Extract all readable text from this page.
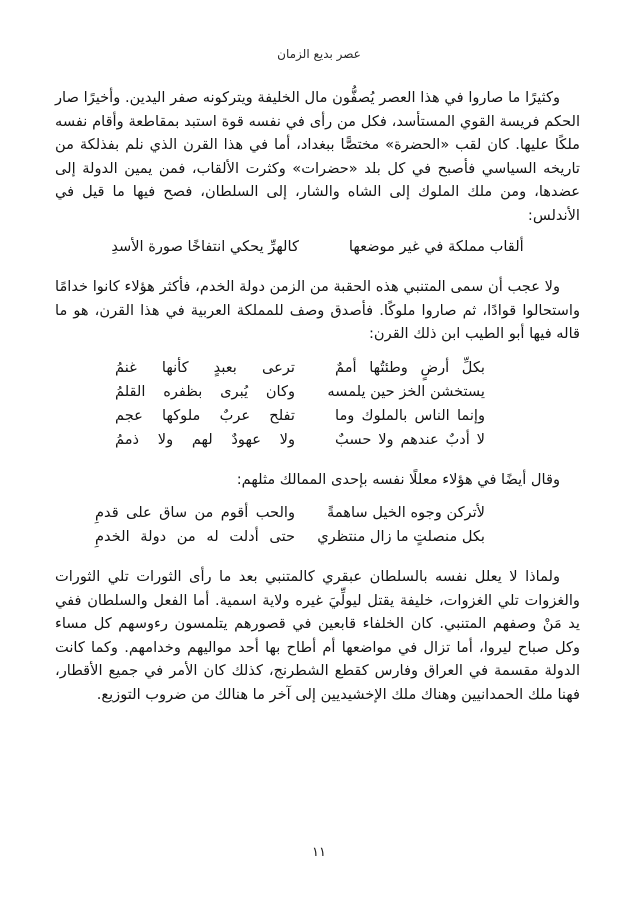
عصر بديع الزمان

وكثيرًا ما صاروا في هذا العصر يُصفُّون مال الخليفة ويتركونه صفر اليدين. وأخيرًا صار الحكم فريسة القوي المستأسد، فكل من رأى في نفسه قوة استبد بمقاطعة وأقام نفسه ملكًا عليها. كان لقب «الحضرة» مختصًّا ببغداد، أما في هذا القرن الذي نلم بفذلكة من تاريخه السياسي فأصبح في كل بلد «حضرات» وكثرت الألقاب، فمن يمين الدولة إلى عضدها، ومن ملك الملوك إلى الشاه والشار، إلى السلطان، فصح فيها ما قيل في الأندلس:

ألقاب مملكة في غير موضعها
كالهرِّ يحكي انتفاخًا صورة الأسدِ

ولا عجب أن سمى المتنبي هذه الحقبة من الزمن دولة الخدم، فأكثر هؤلاء كانوا خدامًا واستحالوا قوادًا، ثم صاروا ملوكًا. فأصدق وصف للمملكة العربية في هذا القرن، هو ما قاله فيها أبو الطيب ابن ذلك القرن:

بكلِّ أرضٍ وطئتُها أممٌ
ترعى بعبدٍ كأنها غنمُ
يستخشن الخز حين يلمسه
وكان يُبرى بظفره القلمُ
وإنما الناس بالملوك وما
تفلح عربٌ ملوكها عجم
لا أدبٌ عندهم ولا حسبٌ
ولا عهودٌ لهم ولا ذممُ

وقال أيضًا في هؤلاء معللًا نفسه بإحدى الممالك مثلهم:

لأتركن وجوه الخيل ساهمةً
والحب أقوم من ساق على قدمِ
بكل منصلتٍ ما زال منتظري
حتى أدلت له من دولة الخدمِ

ولماذا لا يعلل نفسه بالسلطان عبقري كالمتنبي بعد ما رأى الثورات تلي الثورات والغزوات تلي الغزوات، خليفة يقتل ليولِّيَ غيره ولاية اسمية. أما الفعل والسلطان ففي يد مَنْ وصفهم المتنبي. كان الخلفاء قابعين في قصورهم يتلمسون رءوسهم كل مساء وكل صباح ليروا، أما تزال في مواضعها أم أطاح بها أحد مواليهم وخدامهم. وكما كانت الدولة مقسمة في العراق وفارس كقطع الشطرنج، كذلك كان الأمر في جميع الأقطار، فهنا ملك الحمدانيين وهناك ملك الإخشيديين إلى آخر ما هنالك من ضروب التوزيع.

١١
